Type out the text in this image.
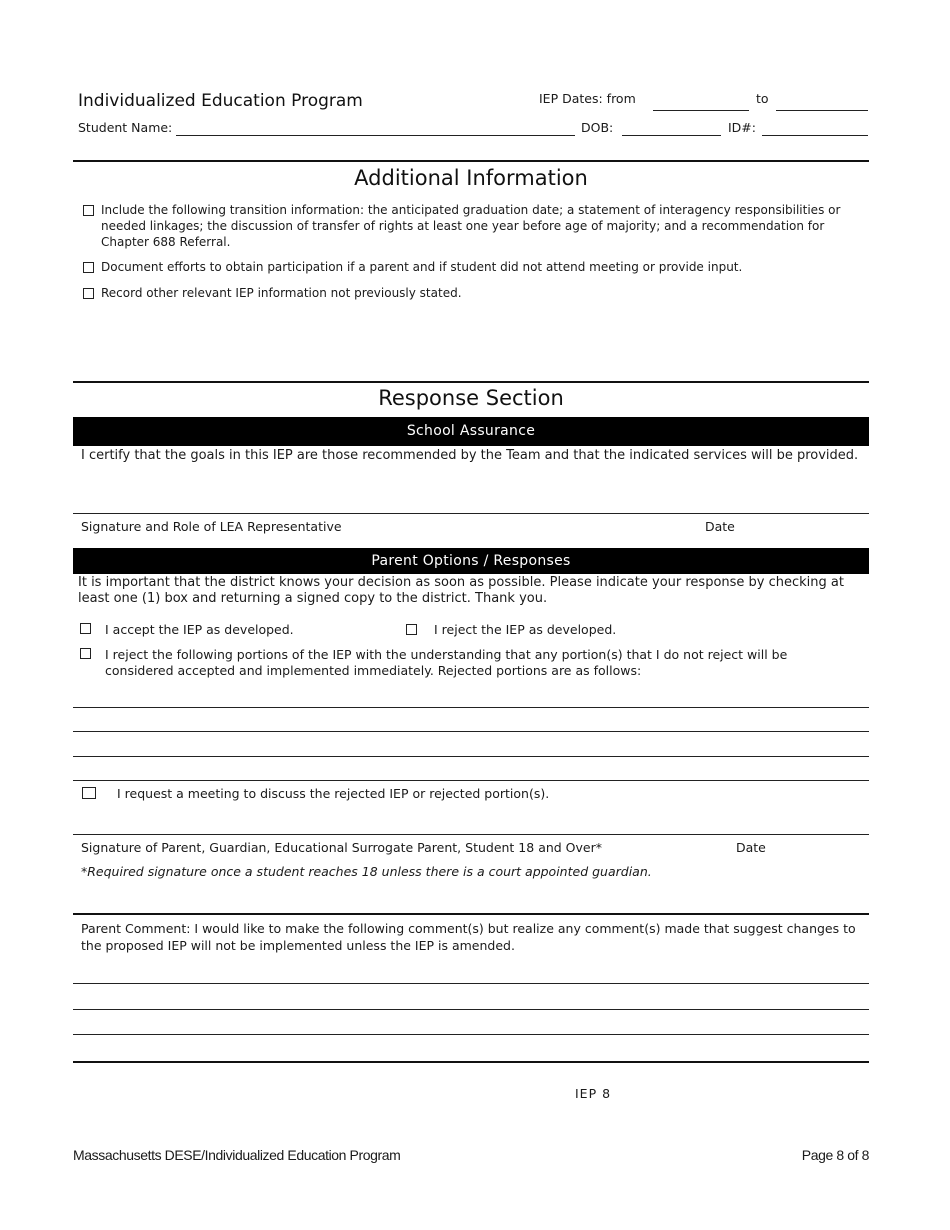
Individualized Education Program	IEP Dates: from	to
Student Name:	DOB:	ID#:
Additional Information
Include the following transition information: the anticipated graduation date; a statement of interagency responsibilities or needed linkages; the discussion of transfer of rights at least one year before age of majority; and a recommendation for Chapter 688 Referral.
Document efforts to obtain participation if a parent and if student did not attend meeting or provide input.
Record other relevant IEP information not previously stated.
Response Section
School Assurance
I certify that the goals in this IEP are those recommended by the Team and that the indicated services will be provided.
Signature and Role of LEA Representative	Date
Parent Options / Responses
It is important that the district knows your decision as soon as possible. Please indicate your response by checking at least one (1) box and returning a signed copy to the district. Thank you.
I accept the IEP as developed.	I reject the IEP as developed.
I reject the following portions of the IEP with the understanding that any portion(s) that I do not reject will be considered accepted and implemented immediately. Rejected portions are as follows:
I request a meeting to discuss the rejected IEP or rejected portion(s).
Signature of Parent, Guardian, Educational Surrogate Parent, Student 18 and Over*	Date
*Required signature once a student reaches 18 unless there is a court appointed guardian.
Parent Comment: I would like to make the following comment(s) but realize any comment(s) made that suggest changes to the proposed IEP will not be implemented unless the IEP is amended.
IEP 8
Massachusetts DESE/Individualized Education Program	Page 8 of 8
